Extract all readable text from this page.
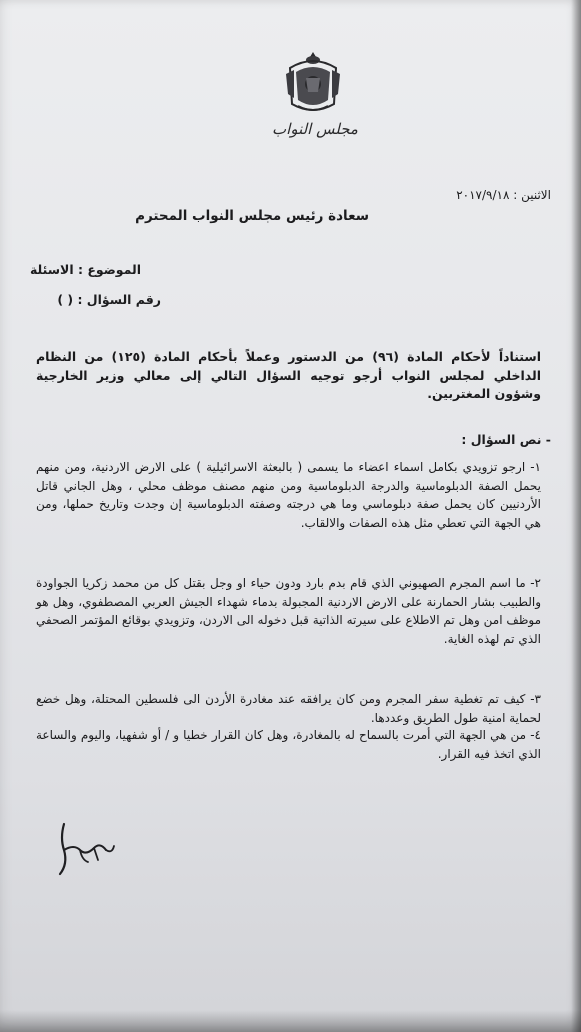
مجلس النواب
الاثنين : ٢٠١٧/٩/١٨
سعادة رئيس مجلس النواب المحترم
الموضوع : الاسئلة
رقم السؤال : ( )
استناداً لأحكام المادة (٩٦) من الدستور وعملاً بأحكام المادة (١٢٥) من النظام الداخلي لمجلس النواب أرجو توجيه السؤال التالي إلى معالي وزير الخارجية وشؤون المغتربين.
- نص السؤال :
١- ارجو تزويدي بكامل اسماء اعضاء ما يسمى ( بالبعثة الاسرائيلية ) على الارض الاردنية، ومن منهم يحمل الصفة الدبلوماسية والدرجة الدبلوماسية ومن منهم مصنف موظف محلي ، وهل الجاني قاتل الأردنيين كان يحمل صفة دبلوماسي وما هي درجته وصفته الدبلوماسية إن وجدت وتاريخ حملها، ومن هي الجهة التي تعطي مثل هذه الصفات والالقاب.
٢- ما اسم المجرم الصهيوني الذي قام بدم بارد ودون حياء او وجل بقتل كل من محمد زكريا الجواودة والطبيب بشار الحمارنة على الارض الاردنية المجبولة بدماء شهداء الجيش العربي المصطفوي، وهل هو موظف امن وهل تم الاطلاع على سيرته الذاتية قبل دخوله الى الاردن، وتزويدي بوقائع المؤتمر الصحفي الذي تم لهذه الغاية.
٣- كيف تم تغطية سفر المجرم ومن كان يرافقه عند مغادرة الأردن الى فلسطين المحتلة، وهل خضع لحماية امنية طول الطريق وعددها.
٤- من هي الجهة التي أمرت بالسماح له بالمغادرة، وهل كان القرار خطيا و / أو شفهيا، واليوم والساعة الذي اتخذ فيه القرار.
